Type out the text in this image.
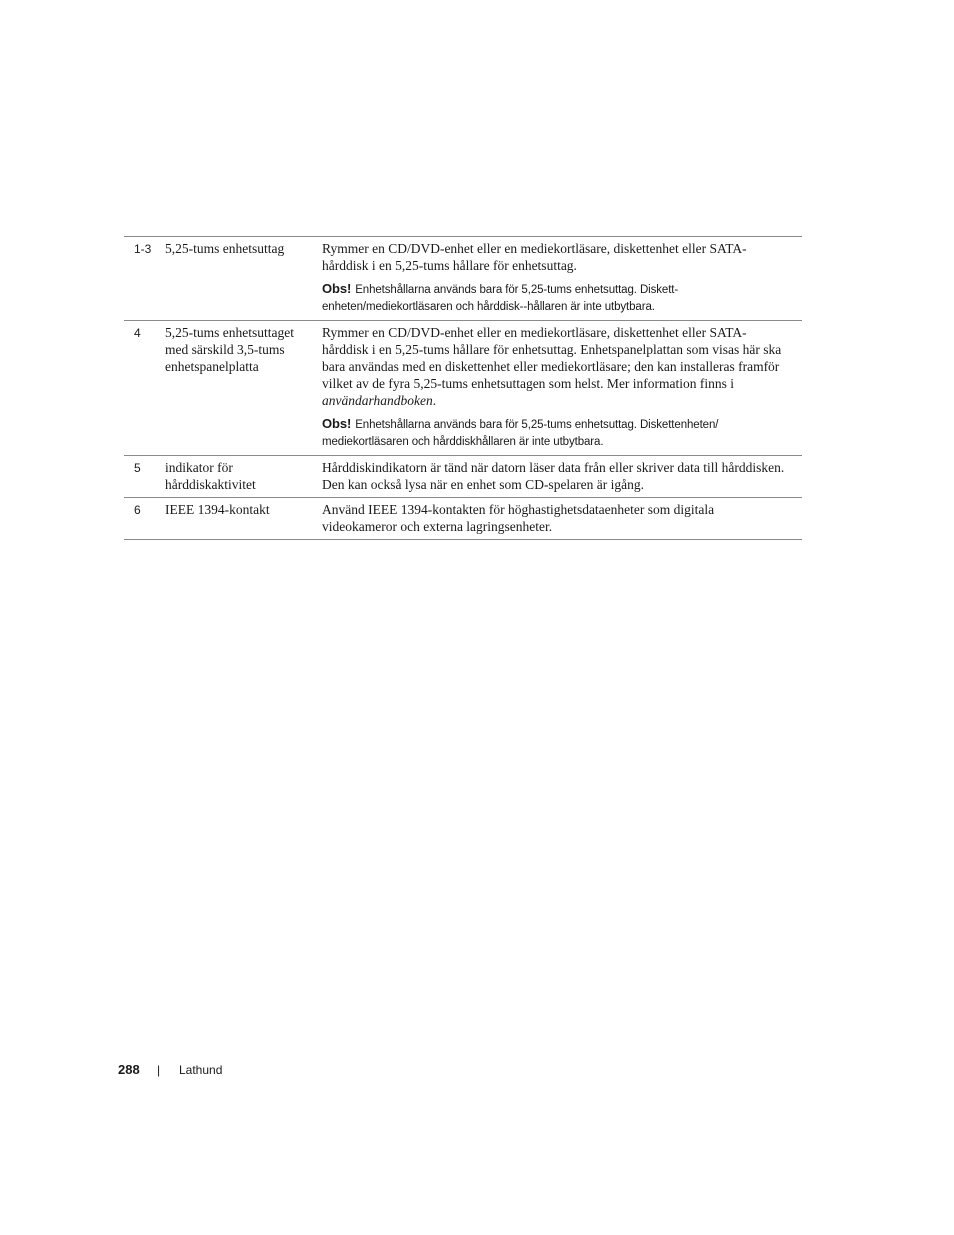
1-3 5,25-tums enhetsuttag	Rymmer en CD/DVD-enhet eller en mediekortläsare, diskettenhet eller SATA-hårddisk i en 5,25-tums hållare för enhetsuttag.
Obs! Enhetshållarna används bara för 5,25-tums enhetsuttag. Diskett-enheten/mediekortläsaren och hårddisk--hållaren är inte utbytbara.
4 5,25-tums enhetsuttaget med särskild 3,5-tums enhetspanelplatta
Rymmer en CD/DVD-enhet eller en mediekortläsare, diskettenhet eller SATA-hårddisk i en 5,25-tums hållare för enhetsuttag. Enhetspanelplattan som visas här ska bara användas med en diskettenhet eller mediekortläsare; den kan installeras framför vilket av de fyra 5,25-tums enhetsuttagen som helst. Mer information finns i användarhandboken.
Obs! Enhetshållarna används bara för 5,25-tums enhetsuttag. Diskettenheten/ mediekortläsaren och hårddiskhållaren är inte utbytbara.
5 indikator för hårddiskaktivitet
Hårddiskindikatorn är tänd när datorn läser data från eller skriver data till hårddisken. Den kan också lysa när en enhet som CD-spelaren är igång.
6 IEEE 1394-kontakt	Använd IEEE 1394-kontakten för höghastighetsdataenheter som digitala videokameror och externa lagringsenheter.
288 | Lathund
